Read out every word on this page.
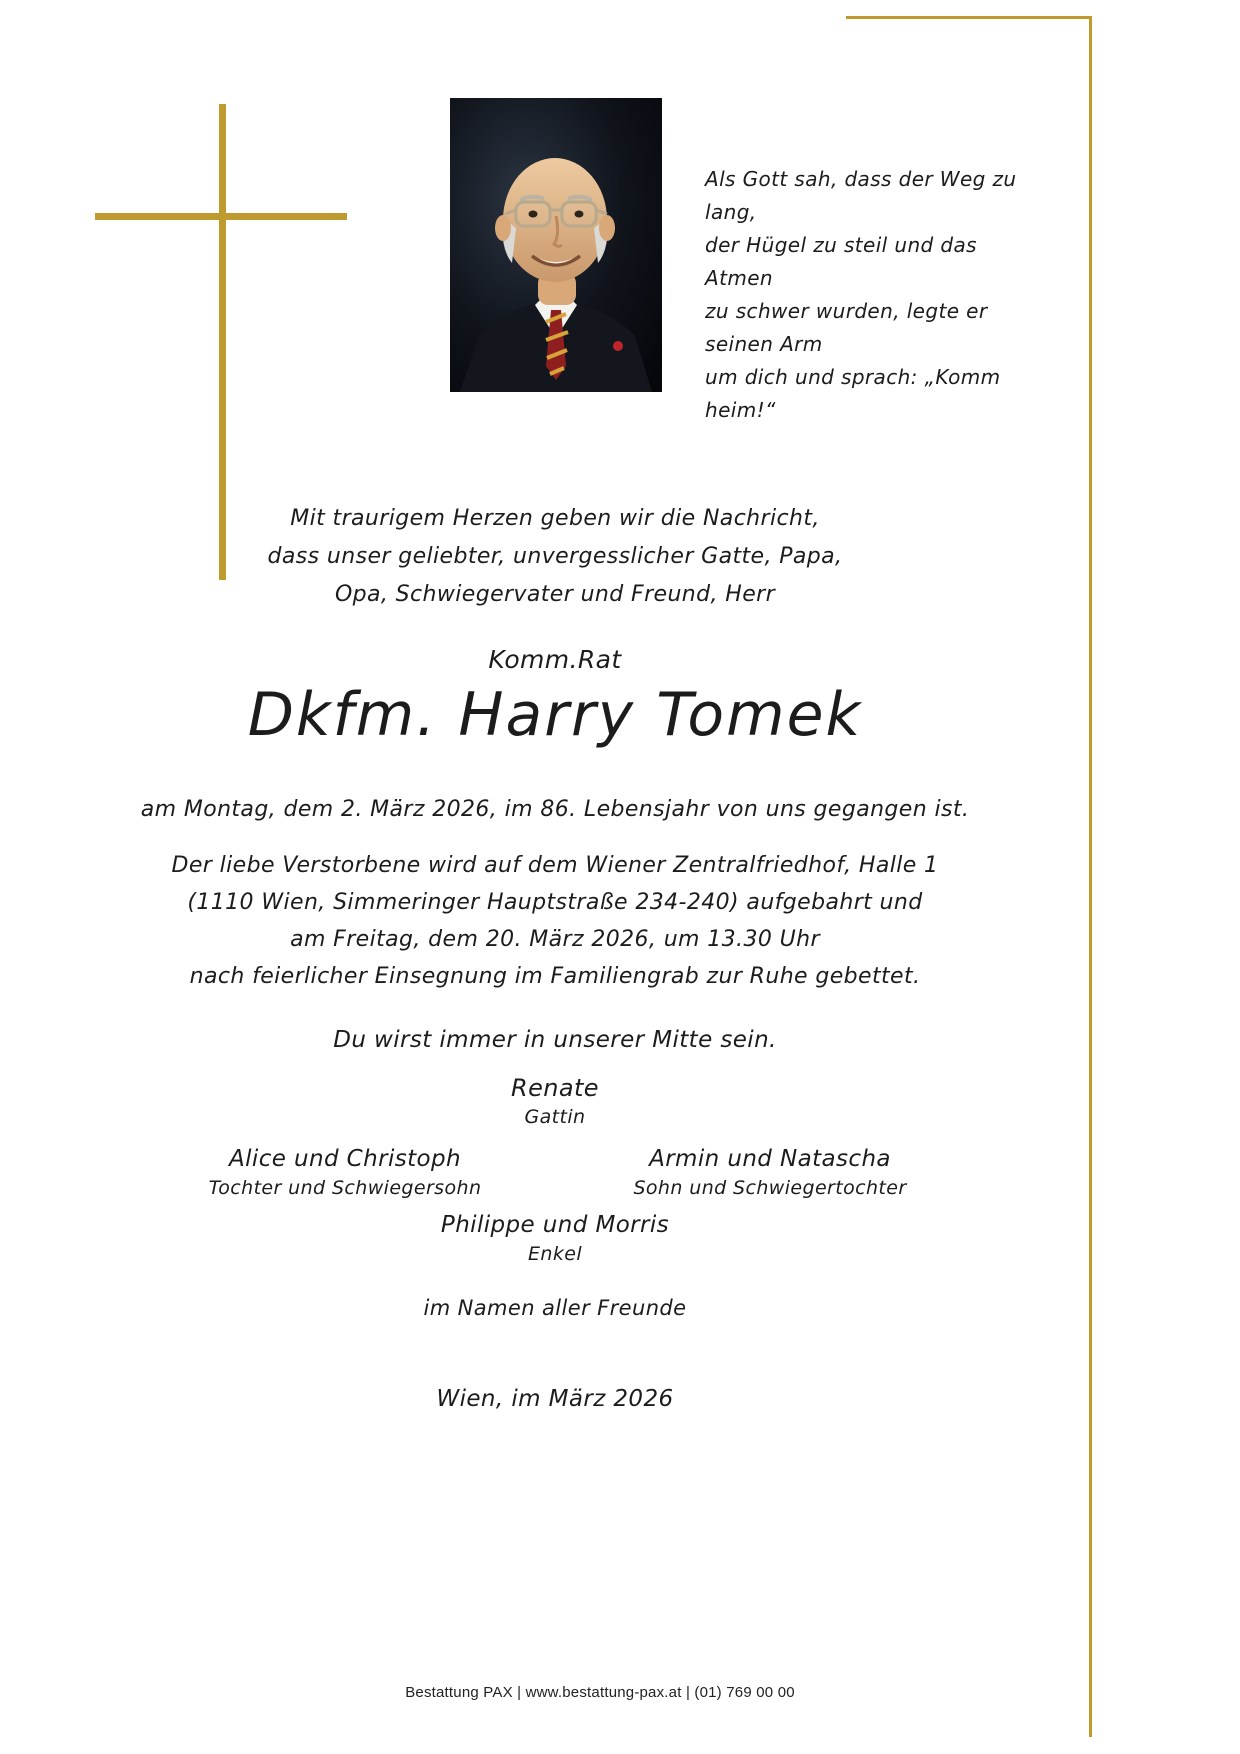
Als Gott sah, dass der Weg zu lang,
der Hügel zu steil und das Atmen
zu schwer wurden, legte er seinen Arm
um dich und sprach: „Komm heim!“
Mit traurigem Herzen geben wir die Nachricht,
dass unser geliebter, unvergesslicher Gatte, Papa,
Opa, Schwiegervater und Freund, Herr
Komm.Rat
Dkfm. Harry Tomek
am Montag, dem 2. März 2026, im 86. Lebensjahr von uns gegangen ist.
Der liebe Verstorbene wird auf dem Wiener Zentralfriedhof, Halle 1
(1110 Wien, Simmeringer Hauptstraße 234-240) aufgebahrt und
am Freitag, dem 20. März 2026, um 13.30 Uhr
nach feierlicher Einsegnung im Familiengrab zur Ruhe gebettet.
Du wirst immer in unserer Mitte sein.
Renate
Gattin
Alice und Christoph
Tochter und Schwiegersohn
Armin und Natascha
Sohn und Schwiegertochter
Philippe und Morris
Enkel
im Namen aller Freunde
Wien, im März 2026
Bestattung PAX | www.bestattung-pax.at | (01) 769 00 00
